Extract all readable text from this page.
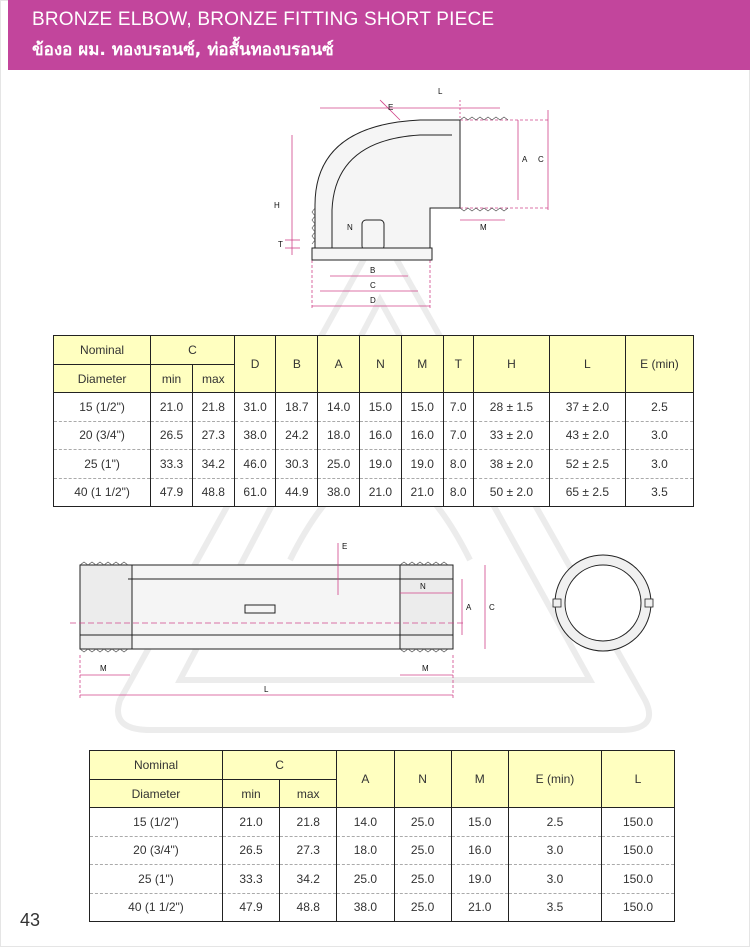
BRONZE ELBOW, BRONZE FITTING SHORT PIECE
ข้องอ ผม. ทองบรอนซ์, ท่อสั้นทองบรอนซ์
L
E
A C
H
N
T
M
B
C
D
Nominal	C		D	B	A	N	M	T	H	L	E (min)
Diameter	min	max									
15 (1/2")	21.0	21.8	31.0	18.7	14.0	15.0	15.0	7.0	28 ± 1.5	37 ± 2.0	2.5
20 (3/4")	26.5	27.3	38.0	24.2	18.0	16.0	16.0	7.0	33 ± 2.0	43 ± 2.0	3.0
25 (1")	33.3	34.2	46.0	30.3	25.0	19.0	19.0	8.0	38 ± 2.0	52 ± 2.5	3.0
40 (1 1/2")	47.9	48.8	61.0	44.9	38.0	21.0	21.0	8.0	50 ± 2.0	65 ± 2.5	3.5
E
N
A C
M	M
L
Nominal	C		A	N	M	E (min)	L
Diameter	min	max					
15 (1/2")	21.0	21.8	14.0	25.0	15.0	2.5	150.0
20 (3/4")	26.5	27.3	18.0	25.0	16.0	3.0	150.0
25 (1")	33.3	34.2	25.0	25.0	19.0	3.0	150.0
40 (1 1/2")	47.9	48.8	38.0	25.0	21.0	3.5	150.0
43
